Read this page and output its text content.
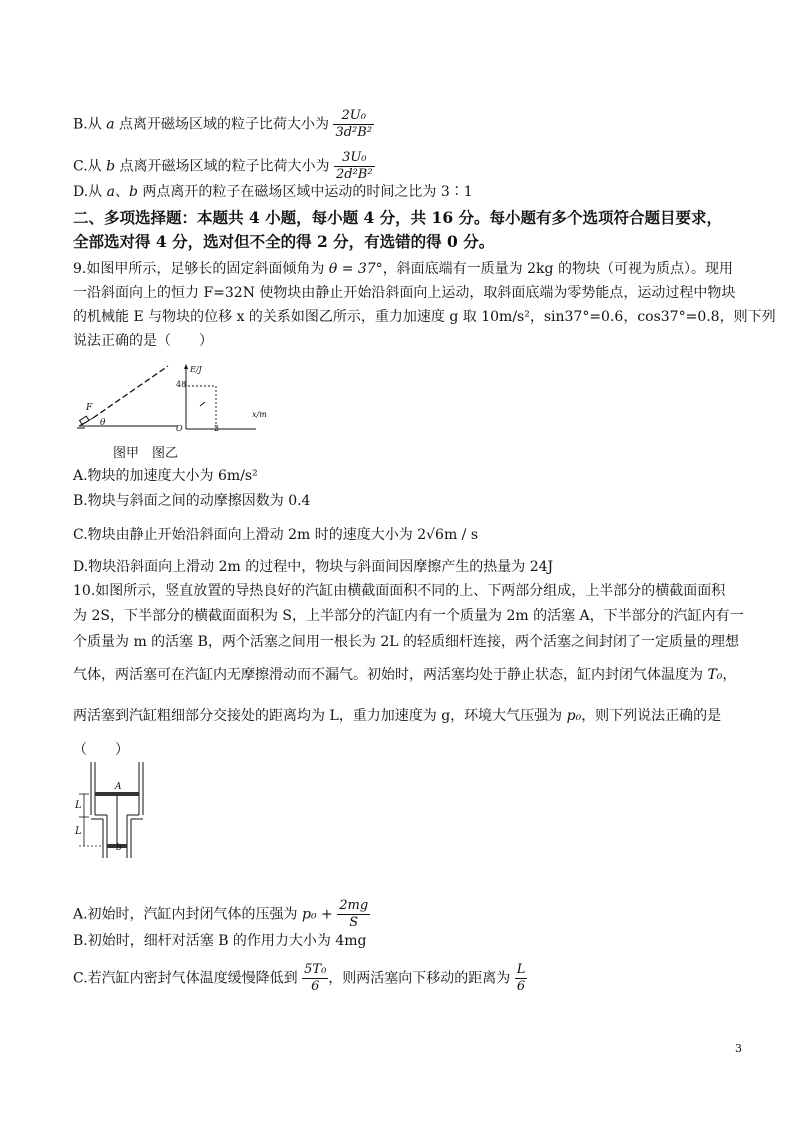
B.从 a 点离开磁场区域的粒子比荷大小为 $\frac{\text{2U₀}}{\text{3d²B²}}$
C.从 b 点离开磁场区域的粒子比荷大小为 $\frac{\text{3U₀}}{\text{2d²B²}}$
D.从 a、b 两点离开的粒子在磁场区域中运动的时间之比为 3∶1
二、多项选择题：本题共 4 小题，每小题 4 分，共 16 分。每小题有多个选项符合题目要求，
全部选对得 4 分，选对但不全的得 2 分，有选错的得 0 分。
9.如图甲所示，足够长的固定斜面倾角为 θ = 37°，斜面底端有一质量为 2kg 的物块（可视为质点）。现用
一沿斜面向上的恒力 F=32N 使物块由静止开始沿斜面向上运动，取斜面底端为零势能点，运动过程中物块
的机械能 E 与物块的位移 x 的关系如图乙所示，重力加速度 g 取 10m/s²，sin37°=0.6，cos37°=0.8，则下列
说法正确的是（　　）
F
θ
E/J
48
O	2
x/m
图甲　图乙
A.物块的加速度大小为 6m/s²
B.物块与斜面之间的动摩擦因数为 0.4
C.物块由静止开始沿斜面向上滑动 2m 时的速度大小为 2√6m / s
D.物块沿斜面向上滑动 2m 的过程中，物块与斜面间因摩擦产生的热量为 24J
10.如图所示，竖直放置的导热良好的汽缸由横截面面积不同的上、下两部分组成，上半部分的横截面面积
为 2S，下半部分的横截面面积为 S，上半部分的汽缸内有一个质量为 2m 的活塞 A，下半部分的汽缸内有一
个质量为 m 的活塞 B，两个活塞之间用一根长为 2L 的轻质细杆连接，两个活塞之间封闭了一定质量的理想
气体，两活塞可在汽缸内无摩擦滑动而不漏气。初始时，两活塞均处于静止状态，缸内封闭气体温度为 T₀，
两活塞到汽缸粗细部分交接处的距离均为 L，重力加速度为 g，环境大气压强为 p₀，则下列说法正确的是
（　　）
A
b
L
L
A.初始时，汽缸内封闭气体的压强为 $p_0 + \frac{2mg}{S}$
B.初始时，细杆对活塞 B 的作用力大小为 4mg
C.若汽缸内密封气体温度缓慢降低到 $\frac{\text{5T₀}}{6}$ ，则两活塞向下移动的距离为 $\frac{L}{6}$
3
